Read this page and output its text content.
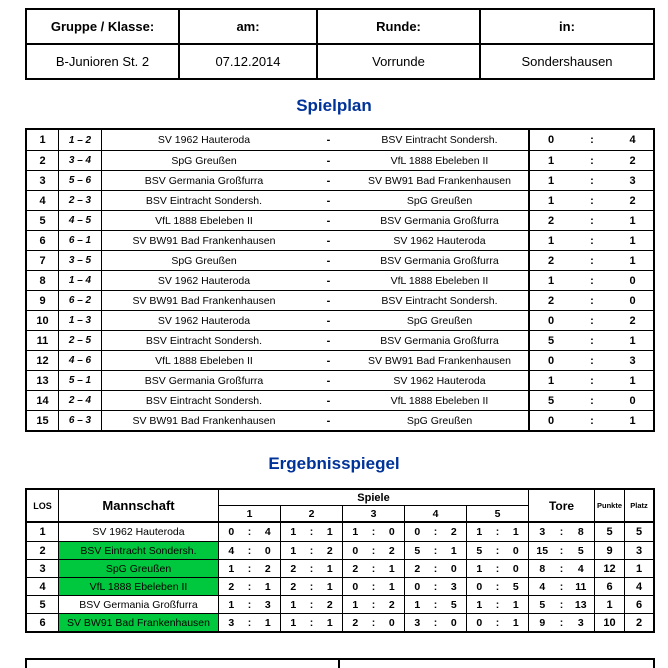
Gruppe / Klasse:	am:	Runde:	in:
B-Junioren St. 2	07.12.2014	Vorrunde	Sondershausen
Spielplan
1	1 – 2	SV 1962 Hauteroda	-	BSV Eintracht Sondersh.	0	:	4
2	3 – 4	SpG Greußen	-	VfL 1888 Ebeleben II	1	:	2
3	5 – 6	BSV Germania Großfurra	-	SV BW91 Bad Frankenhausen	1	:	3
4	2 – 3	BSV Eintracht Sondersh.	-	SpG Greußen	1	:	2
5	4 – 5	VfL 1888 Ebeleben II	-	BSV Germania Großfurra	2	:	1
6	6 – 1	SV BW91 Bad Frankenhausen	-	SV 1962 Hauteroda	1	:	1
7	3 – 5	SpG Greußen	-	BSV Germania Großfurra	2	:	1
8	1 – 4	SV 1962 Hauteroda	-	VfL 1888 Ebeleben II	1	:	0
9	6 – 2	SV BW91 Bad Frankenhausen	-	BSV Eintracht Sondersh.	2	:	0
10	1 – 3	SV 1962 Hauteroda	-	SpG Greußen	0	:	2
11	2 – 5	BSV Eintracht Sondersh.	-	BSV Germania Großfurra	5	:	1
12	4 – 6	VfL 1888 Ebeleben II	-	SV BW91 Bad Frankenhausen	0	:	3
13	5 – 1	BSV Germania Großfurra	-	SV 1962 Hauteroda	1	:	1
14	2 – 4	BSV Eintracht Sondersh.	-	VfL 1888 Ebeleben II	5	:	0
15	6 – 3	SV BW91 Bad Frankenhausen	-	SpG Greußen	0	:	1
Ergebnisspiegel
LOS	Mannschaft
Spiele
1	2	3	4	5
Tore	Punkte	Platz
1	SV 1962 Hauteroda	0	:	4	1	:	1	1	:	0	0	:	2	1	:	1	3	:	8	5	5
2	BSV Eintracht Sondersh.	4	:	0	1	:	2	0	:	2	5	:	1	5	:	0	15	:	5	9	3
3	SpG Greußen	1	:	2	2	:	1	2	:	1	2	:	0	1	:	0	8	:	4	12	1
4	VfL 1888 Ebeleben II	2	:	1	2	:	1	0	:	1	0	:	3	0	:	5	4	:	11	6	4
5	BSV Germania Großfurra	1	:	3	1	:	2	1	:	2	1	:	5	1	:	1	5	:	13	1	6
6	SV BW91 Bad Frankenhausen	3	:	1	1	:	1	2	:	0	3	:	0	0	:	1	9	:	3	10	2
